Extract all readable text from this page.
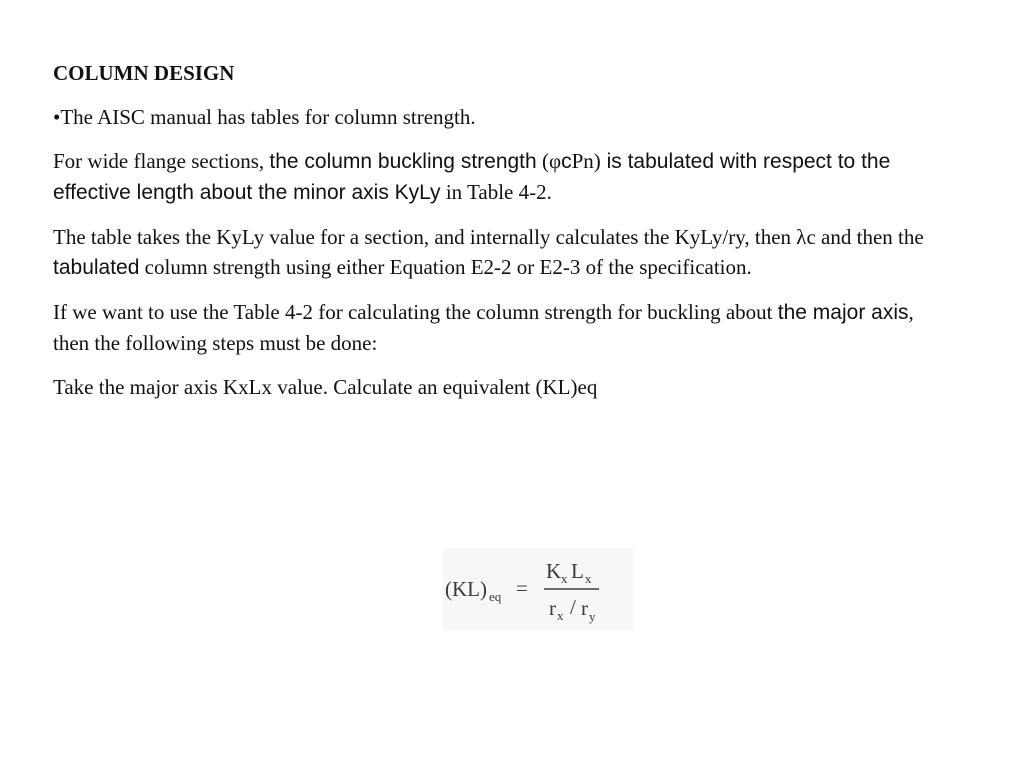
COLUMN DESIGN
•The AISC manual has tables for column strength.
For wide flange sections, the column buckling strength (φcPn) is tabulated with respect to the effective length about the minor axis KyLy in Table 4-2.
The table takes the KyLy value for a section, and internally calculates the KyLy/ry, then λc and then the tabulated column strength using either Equation E2-2 or E2-3 of the specification.
If we want to use the Table 4-2 for calculating the column strength for buckling about the major axis, then the following steps must be done:
Take the major axis KxLx value. Calculate an equivalent (KL)eq
(KL) eq =
K x L x
r x / r y
